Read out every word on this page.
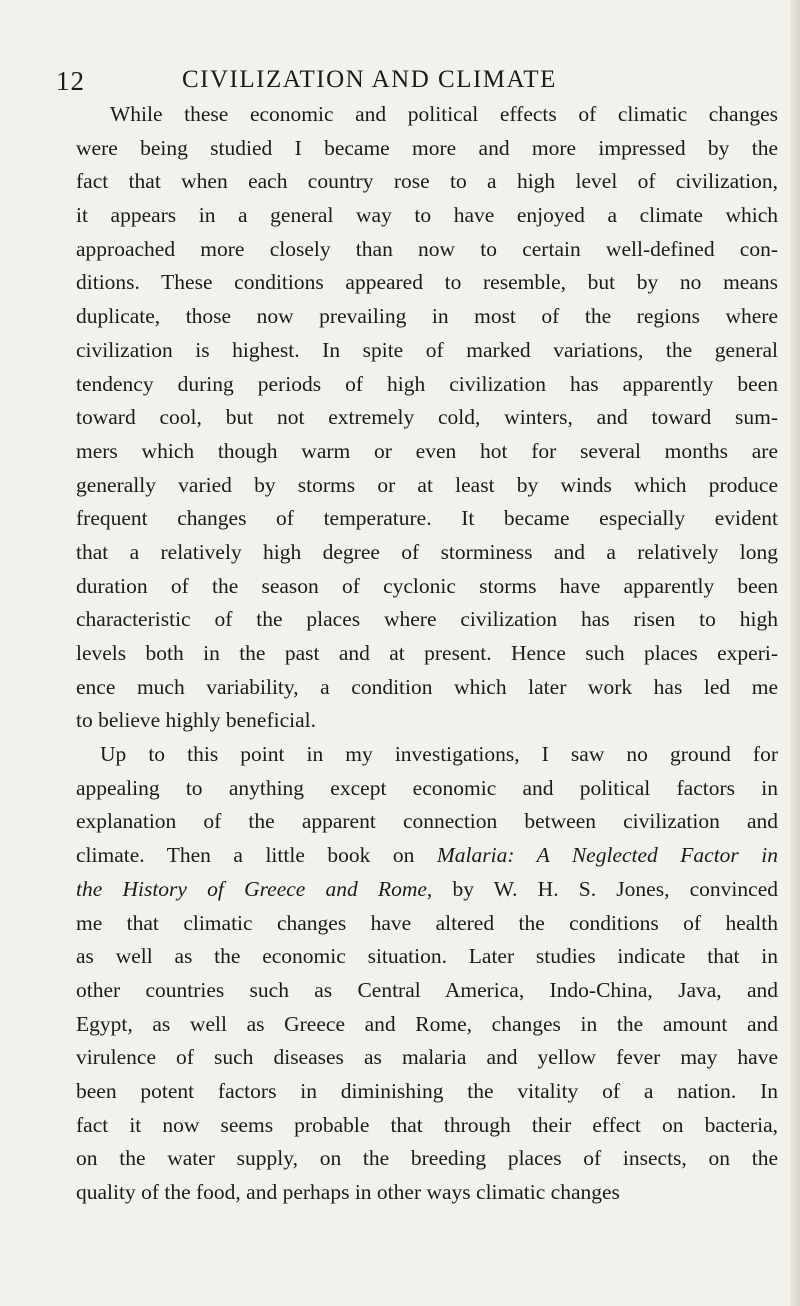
12	CIVILIZATION AND CLIMATE
While these economic and political effects of climatic changes
were being studied I became more and more impressed by the
fact that when each country rose to a high level of civilization,
it appears in a general way to have enjoyed a climate which
approached more closely than now to certain well-defined con-
ditions. These conditions appeared to resemble, but by no means
duplicate, those now prevailing in most of the regions where
civilization is highest. In spite of marked variations, the general
tendency during periods of high civilization has apparently been
toward cool, but not extremely cold, winters, and toward sum-
mers which though warm or even hot for several months are
generally varied by storms or at least by winds which produce
frequent changes of temperature. It became especially evident
that a relatively high degree of storminess and a relatively long
duration of the season of cyclonic storms have apparently been
characteristic of the places where civilization has risen to high
levels both in the past and at present. Hence such places experi-
ence much variability, a condition which later work has led me
to believe highly beneficial.
Up to this point in my investigations, I saw no ground for
appealing to anything except economic and political factors in
explanation of the apparent connection between civilization and
climate. Then a little book on Malaria: A Neglected Factor in
the History of Greece and Rome, by W. H. S. Jones, convinced
me that climatic changes have altered the conditions of health
as well as the economic situation. Later studies indicate that in
other countries such as Central America, Indo-China, Java, and
Egypt, as well as Greece and Rome, changes in the amount and
virulence of such diseases as malaria and yellow fever may have
been potent factors in diminishing the vitality of a nation. In
fact it now seems probable that through their effect on bacteria,
on the water supply, on the breeding places of insects, on the
quality of the food, and perhaps in other ways climatic changes
